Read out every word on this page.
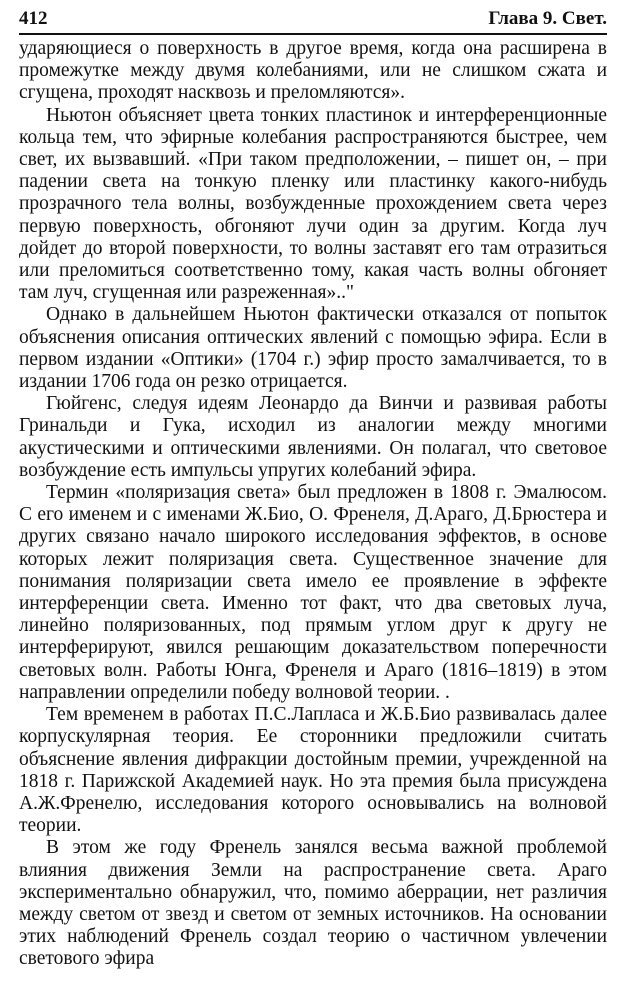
412	Глава 9. Свет.

ударяющиеся о поверхность в другое время, когда она расширена в промежутке между двумя колебаниями, или не слишком сжата и сгущена, проходят насквозь и преломляются».

Ньютон объясняет цвета тонких пластинок и интерференционные кольца тем, что эфирные колебания распространяются быстрее, чем свет, их вызвавший. «При таком предположении, – пишет он, – при падении света на тонкую пленку или пластинку какого-нибудь прозрачного тела волны, возбужденные прохождением света через первую поверхность, обгоняют лучи один за другим. Когда луч дойдет до второй поверхности, то волны заставят его там отразиться или преломиться соответственно тому, какая часть волны обгоняет там луч, сгущенная или разреженная».."

Однако в дальнейшем Ньютон фактически отказался от попыток объяснения описания оптических явлений с помощью эфира. Если в первом издании «Оптики» (1704 г.) эфир просто замалчивается, то в издании 1706 года он резко отрицается.

Гюйгенс, следуя идеям Леонардо да Винчи и развивая работы Гринальди и Гука, исходил из аналогии между многими акустическими и оптическими явлениями. Он полагал, что световое возбуждение есть импульсы упругих колебаний эфира.

Термин «поляризация света» был предложен в 1808 г. Эмалюсом. С его именем и с именами Ж.Био, О. Френеля, Д.Араго, Д.Брюстера и других связано начало широкого исследования эффектов, в основе которых лежит поляризация света. Существенное значение для понимания поляризации света имело ее проявление в эффекте интерференции света. Именно тот факт, что два световых луча, линейно поляризованных, под прямым углом друг к другу не интерферируют, явился решающим доказательством поперечности световых волн. Работы Юнга, Френеля и Араго (1816–1819) в этом направлении определили победу волновой теории. .

Тем временем в работах П.С.Лапласа и Ж.Б.Био развивалась далее корпускулярная теория. Ее сторонники предложили считать объяснение явления дифракции достойным премии, учрежденной на 1818 г. Парижской Академией наук. Но эта премия была присуждена А.Ж.Френелю, исследования которого основывались на волновой теории.

В этом же году Френель занялся весьма важной проблемой влияния движения Земли на распространение света. Араго экспериментально обнаружил, что, помимо аберрации, нет различия между светом от звезд и светом от земных источников. На основании этих наблюдений Френель создал теорию о частичном увлечении светового эфира
